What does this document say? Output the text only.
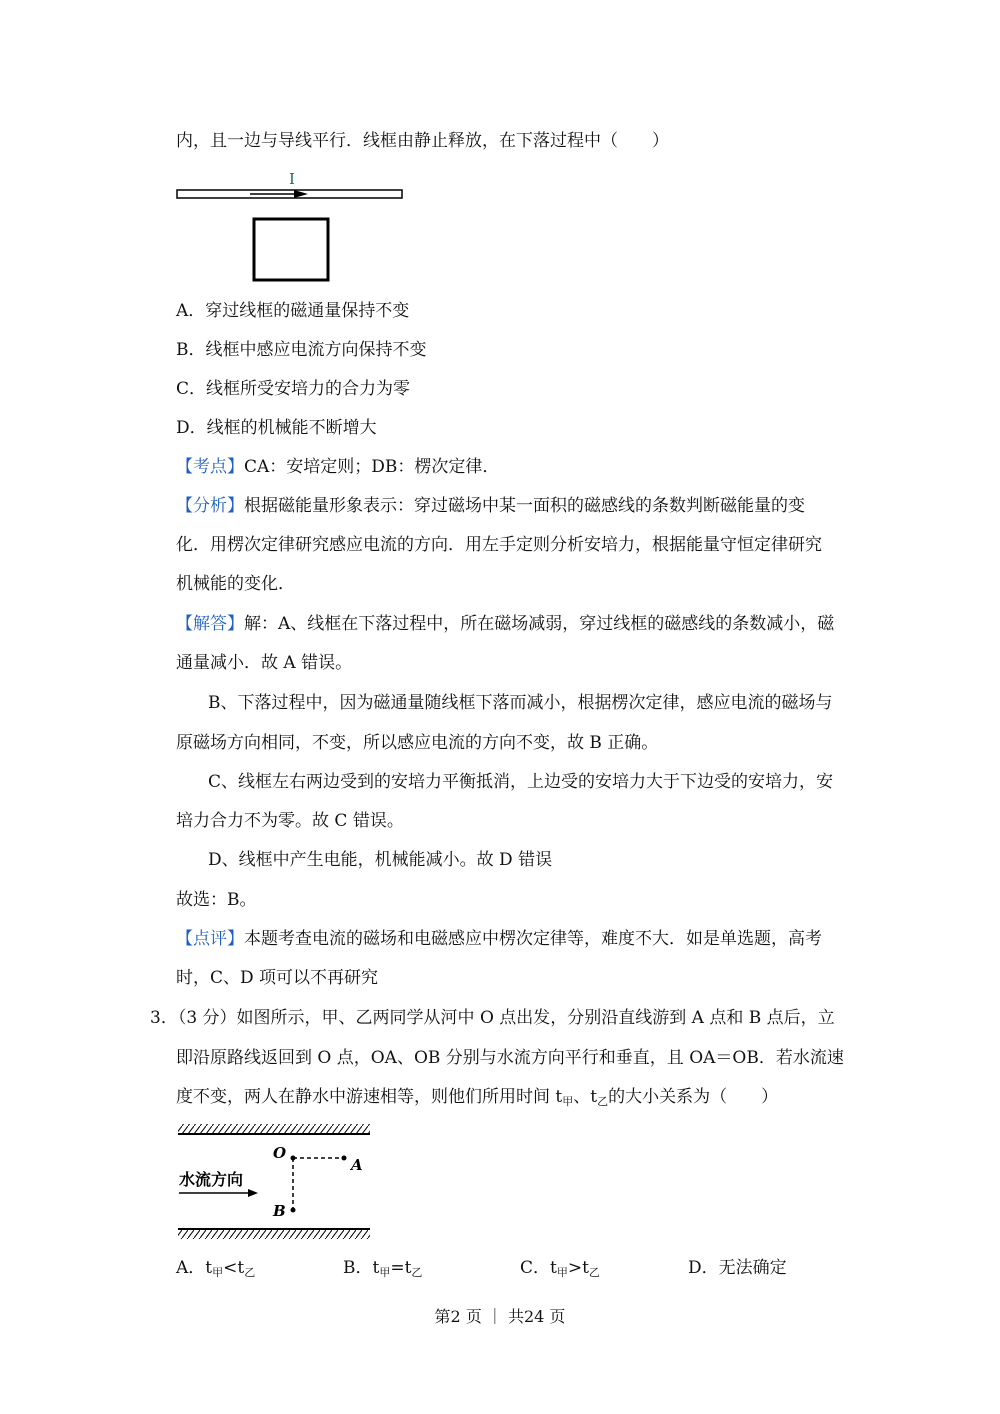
内，且一边与导线平行．线框由静止释放，在下落过程中（　　）
I
A．穿过线框的磁通量保持不变
B．线框中感应电流方向保持不变
C．线框所受安培力的合力为零
D．线框的机械能不断增大
【考点】CA：安培定则；DB：楞次定律．
【分析】根据磁能量形象表示：穿过磁场中某一面积的磁感线的条数判断磁能量的变
化．用楞次定律研究感应电流的方向．用左手定则分析安培力，根据能量守恒定律研究
机械能的变化．
【解答】解：A、线框在下落过程中，所在磁场减弱，穿过线框的磁感线的条数减小，磁
通量减小．故 A 错误。
B、下落过程中，因为磁通量随线框下落而减小，根据楞次定律，感应电流的磁场与
原磁场方向相同，不变，所以感应电流的方向不变，故 B 正确。
C、线框左右两边受到的安培力平衡抵消，上边受的安培力大于下边受的安培力，安
培力合力不为零。故 C 错误。
D、线框中产生电能，机械能减小。故 D 错误
故选：B。
【点评】本题考查电流的磁场和电磁感应中楞次定律等，难度不大．如是单选题，高考
时，C、D 项可以不再研究
3．（3 分）如图所示，甲、乙两同学从河中 O 点出发，分别沿直线游到 A 点和 B 点后，立
即沿原路线返回到 O 点，OA、OB 分别与水流方向平行和垂直，且 OA＝OB．若水流速
度不变，两人在静水中游速相等，则他们所用时间 $t_甲$、$t_乙$的大小关系为（　　）
O
A
B
水流方向
A．$t_甲<t_乙$	B．$t_甲=t_乙$	C．$t_甲>t_乙$	D．无法确定
第2 页 ｜ 共24 页
